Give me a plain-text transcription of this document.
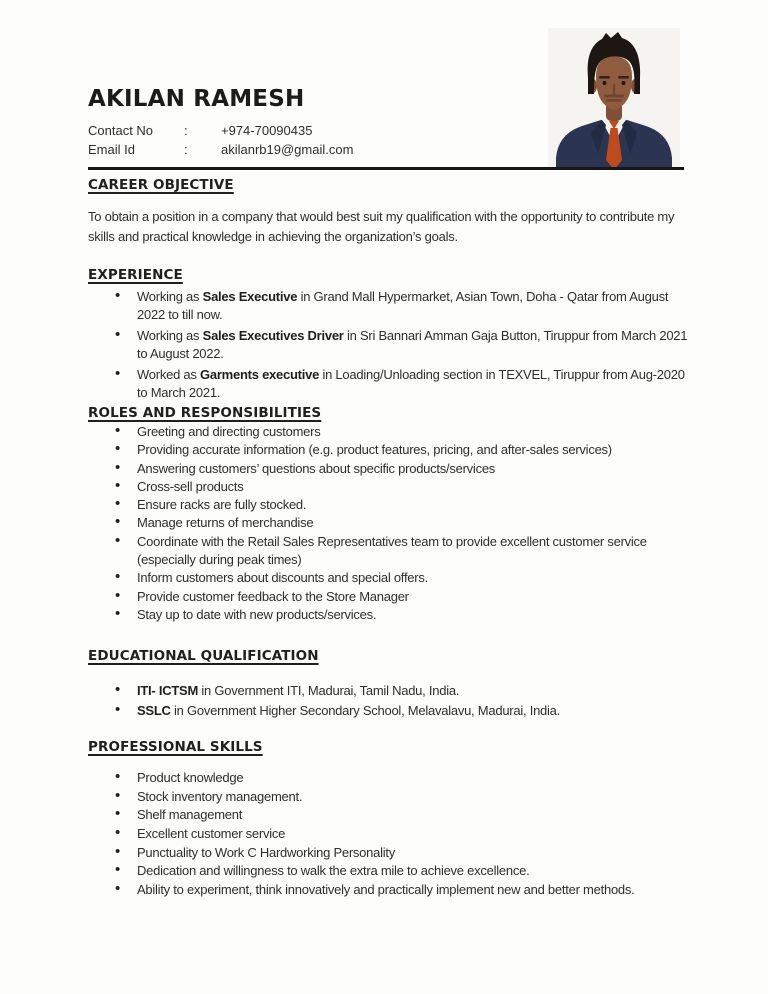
AKILAN RAMESH
Contact No	:	+974-70090435
Email Id	:	akilanrb19@gmail.com
CAREER OBJECTIVE

To obtain a position in a company that would best suit my qualification with the opportunity to contribute my skills and practical knowledge in achieving the organization’s goals.

EXPERIENCE
• Working as Sales Executive in Grand Mall Hypermarket, Asian Town, Doha - Qatar from August 2022 to till now.
• Working as Sales Executives Driver in Sri Bannari Amman Gaja Button, Tiruppur from March 2021 to August 2022.
• Worked as Garments executive in Loading/Unloading section in TEXVEL, Tiruppur from Aug-2020 to March 2021.
ROLES AND RESPONSIBILITIES
• Greeting and directing customers
• Providing accurate information (e.g. product features, pricing, and after-sales services)
• Answering customers’ questions about specific products/services
• Cross-sell products
• Ensure racks are fully stocked.
• Manage returns of merchandise
• Coordinate with the Retail Sales Representatives team to provide excellent customer service (especially during peak times)
• Inform customers about discounts and special offers.
• Provide customer feedback to the Store Manager
• Stay up to date with new products/services.
EDUCATIONAL QUALIFICATION
• ITI- ICTSM in Government ITI, Madurai, Tamil Nadu, India.
• SSLC in Government Higher Secondary School, Melavalavu, Madurai, India.
PROFESSIONAL SKILLS
• Product knowledge
• Stock inventory management.
• Shelf management
• Excellent customer service
• Punctuality to Work C Hardworking Personality
• Dedication and willingness to walk the extra mile to achieve excellence.
• Ability to experiment, think innovatively and practically implement new and better methods.
